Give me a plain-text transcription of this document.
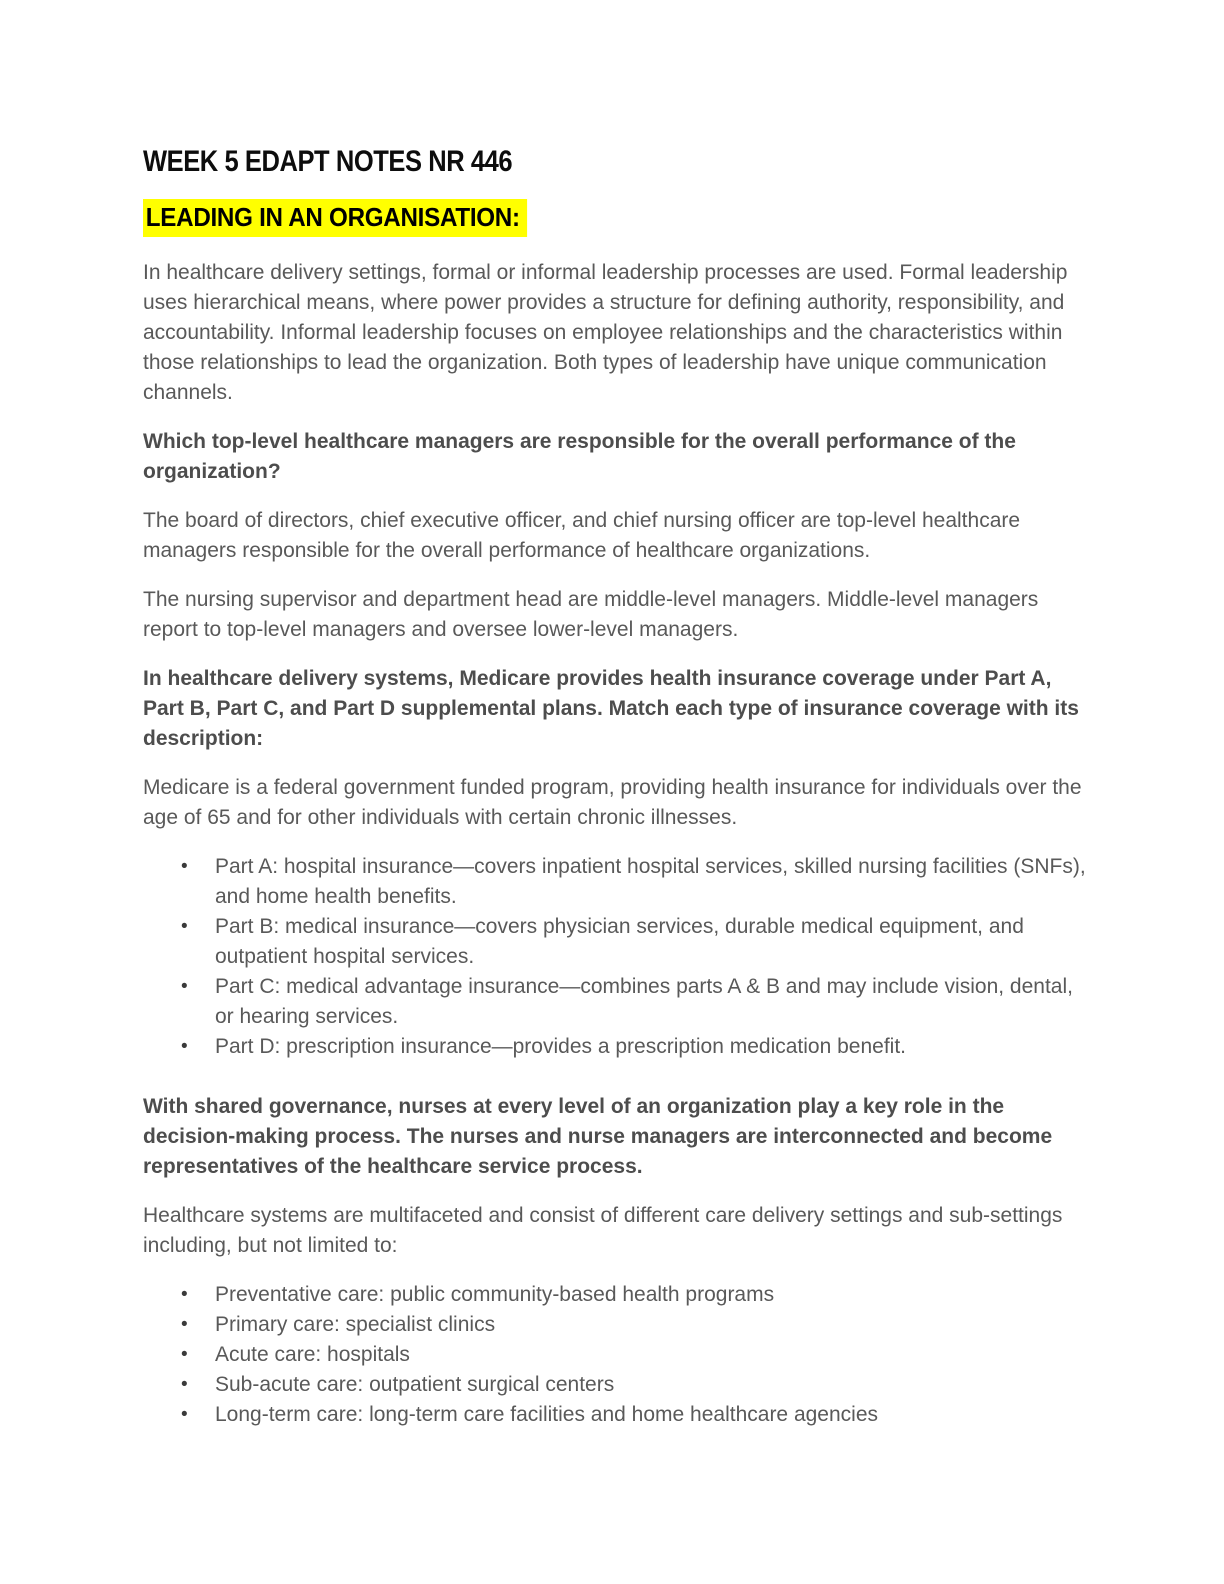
WEEK 5 EDAPT NOTES NR 446
LEADING IN AN ORGANISATION:

In healthcare delivery settings, formal or informal leadership processes are used. Formal leadership uses hierarchical means, where power provides a structure for defining authority, responsibility, and accountability. Informal leadership focuses on employee relationships and the characteristics within those relationships to lead the organization. Both types of leadership have unique communication channels.

Which top-level healthcare managers are responsible for the overall performance of the organization?

The board of directors, chief executive officer, and chief nursing officer are top-level healthcare managers responsible for the overall performance of healthcare organizations.

The nursing supervisor and department head are middle-level managers. Middle-level managers report to top-level managers and oversee lower-level managers.

In healthcare delivery systems, Medicare provides health insurance coverage under Part A, Part B, Part C, and Part D supplemental plans. Match each type of insurance coverage with its description:

Medicare is a federal government funded program, providing health insurance for individuals over the age of 65 and for other individuals with certain chronic illnesses.

• Part A: hospital insurance—covers inpatient hospital services, skilled nursing facilities (SNFs), and home health benefits.
• Part B: medical insurance—covers physician services, durable medical equipment, and outpatient hospital services.
• Part C: medical advantage insurance—combines parts A & B and may include vision, dental, or hearing services.
• Part D: prescription insurance—provides a prescription medication benefit.

With shared governance, nurses at every level of an organization play a key role in the decision-making process. The nurses and nurse managers are interconnected and become representatives of the healthcare service process.

Healthcare systems are multifaceted and consist of different care delivery settings and sub-settings including, but not limited to:

• Preventative care: public community-based health programs
• Primary care: specialist clinics
• Acute care: hospitals
• Sub-acute care: outpatient surgical centers
• Long-term care: long-term care facilities and home healthcare agencies
